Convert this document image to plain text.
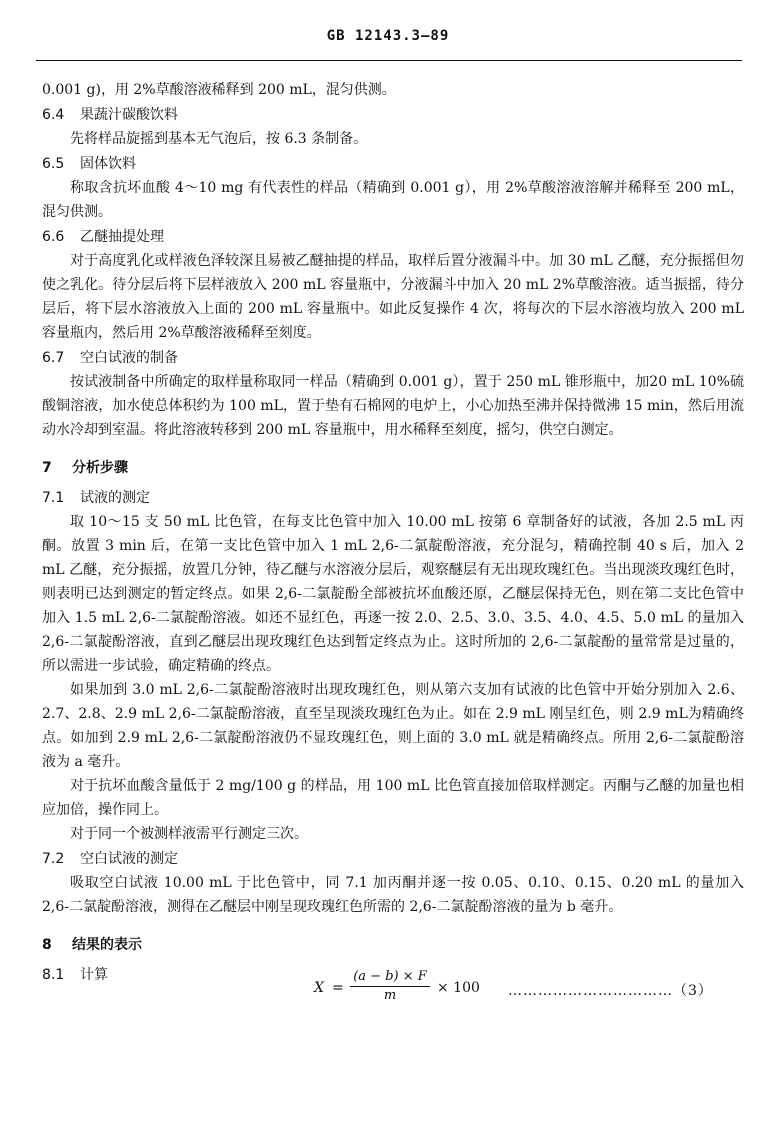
GB 12143.3—89

0.001 g)，用 2%草酸溶液稀释到 200 mL，混匀供测。

6.4 果蔬汁碳酸饮料

先将样品旋摇到基本无气泡后，按 6.3 条制备。

6.5 固体饮料

称取含抗坏血酸 4～10 mg 有代表性的样品（精确到 0.001 g），用 2%草酸溶液溶解并稀释至 200 mL，混匀供测。

6.6 乙醚抽提处理

对于高度乳化或样液色泽较深且易被乙醚抽提的样品，取样后置分液漏斗中。加 30 mL 乙醚，充分振摇但勿使之乳化。待分层后将下层样液放入 200 mL 容量瓶中，分液漏斗中加入 20 mL 2%草酸溶液。适当振摇，待分层后，将下层水溶液放入上面的 200 mL 容量瓶中。如此反复操作 4 次，将每次的下层水溶液均放入 200 mL 容量瓶内，然后用 2%草酸溶液稀释至刻度。

6.7 空白试液的制备

按试液制备中所确定的取样量称取同一样品（精确到 0.001 g），置于 250 mL 锥形瓶中，加20 mL 10%硫酸铜溶液，加水使总体积约为 100 mL，置于垫有石棉网的电炉上，小心加热至沸并保持微沸 15 min，然后用流动水冷却到室温。将此溶液转移到 200 mL 容量瓶中，用水稀释至刻度，摇匀，供空白测定。

7 分析步骤

7.1 试液的测定

取 10～15 支 50 mL 比色管，在每支比色管中加入 10.00 mL 按第 6 章制备好的试液，各加 2.5 mL 丙酮。放置 3 min 后，在第一支比色管中加入 1 mL 2,6-二氯靛酚溶液，充分混匀，精确控制 40 s 后，加入 2 mL 乙醚，充分振摇，放置几分钟，待乙醚与水溶液分层后，观察醚层有无出现玫瑰红色。当出现淡玫瑰红色时，则表明已达到测定的暂定终点。如果 2,6-二氯靛酚全部被抗坏血酸还原，乙醚层保持无色，则在第二支比色管中加入 1.5 mL 2,6-二氯靛酚溶液。如还不显红色，再逐一按 2.0、2.5、3.0、3.5、4.0、4.5、5.0 mL 的量加入 2,6-二氯靛酚溶液，直到乙醚层出现玫瑰红色达到暂定终点为止。这时所加的 2,6-二氯靛酚的量常常是过量的，所以需进一步试验，确定精确的终点。

如果加到 3.0 mL 2,6-二氯靛酚溶液时出现玫瑰红色，则从第六支加有试液的比色管中开始分别加入 2.6、2.7、2.8、2.9 mL 2,6-二氯靛酚溶液，直至呈现淡玫瑰红色为止。如在 2.9 mL 刚呈红色，则 2.9 mL为精确终点。如加到 2.9 mL 2,6-二氯靛酚溶液仍不显玫瑰红色，则上面的 3.0 mL 就是精确终点。所用 2,6-二氯靛酚溶液为 a 毫升。

对于抗坏血酸含量低于 2 mg/100 g 的样品，用 100 mL 比色管直接加倍取样测定。丙酮与乙醚的加量也相应加倍，操作同上。

对于同一个被测样液需平行测定三次。

7.2 空白试液的测定

吸取空白试液 10.00 mL 于比色管中，同 7.1 加丙酮并逐一按 0.05、0.10、0.15、0.20 mL 的量加入 2,6-二氯靛酚溶液，测得在乙醚层中刚呈现玫瑰红色所需的 2,6-二氯靛酚溶液的量为 b 毫升。

8 结果的表示

8.1 计算

$X = \frac{(a - b) \times F}{m} \times 100$ ……………………………（3）
